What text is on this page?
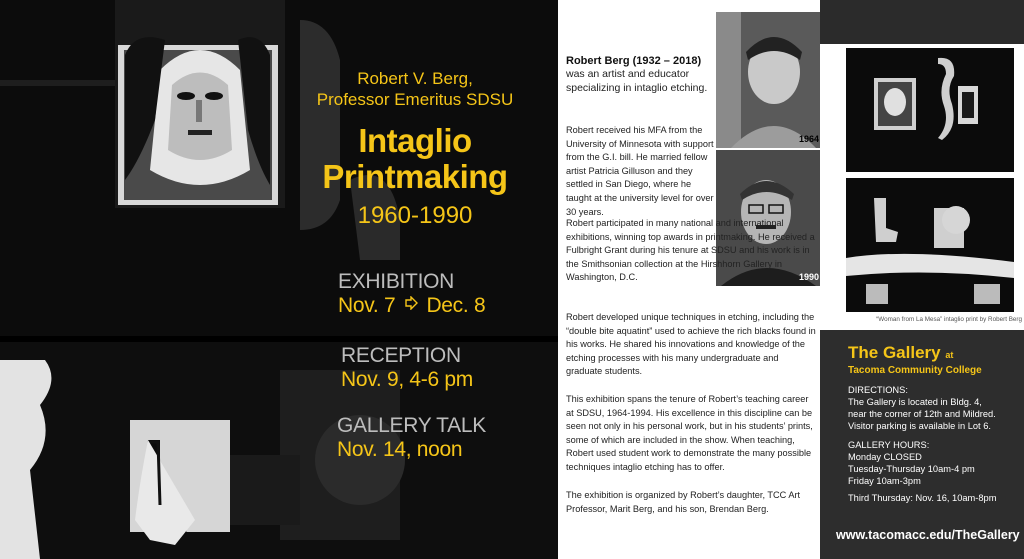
Robert V. Berg,
Professor Emeritus SDSU
Intaglio
Printmaking
1960-1990
EXHIBITION
Nov. 7 Dec. 8
RECEPTION
Nov. 9, 4-6 pm
GALLERY TALK
Nov. 14, noon
Robert Berg (1932 – 2018)
was an artist and educator specializing in intaglio etching.
1964
1990
Robert received his MFA from the University of Minnesota with support from the G.I. bill. He married fellow artist Patricia Gilluson and they settled in San Diego, where he taught at the university level for over 30 years.
Robert participated in many national and international exhibitions, winning top awards in printmaking. He received a Fulbright Grant during his tenure at SDSU and his work is in the Smithsonian collection at the Hirshhorn Gallery in Washington, D.C.
Robert developed unique techniques in etching, including the “double bite aquatint” used to achieve the rich blacks found in his works. He shared his innovations and knowledge of the etching processes with his many undergraduate and graduate students.
This exhibition spans the tenure of Robert’s teaching career at SDSU, 1964-1994. His excellence in this discipline can be seen not only in his personal work, but in his students’ prints, some of which are included in the show. When teaching, Robert used student work to demonstrate the many possible techniques intaglio etching has to offer.
The exhibition is organized by Robert’s daughter, TCC Art Professor, Marit Berg, and his son, Brendan Berg.
“Woman from La Mesa” intaglio print by Robert Berg
The Gallery at
Tacoma Community College
DIRECTIONS:
The Gallery is located in Bldg. 4,
near the corner of 12th and Mildred.
Visitor parking is available in Lot 6.
GALLERY HOURS:
Monday CLOSED
Tuesday-Thursday 10am-4 pm
Friday 10am-3pm
Third Thursday: Nov. 16, 10am-8pm
www.tacomacc.edu/TheGallery
